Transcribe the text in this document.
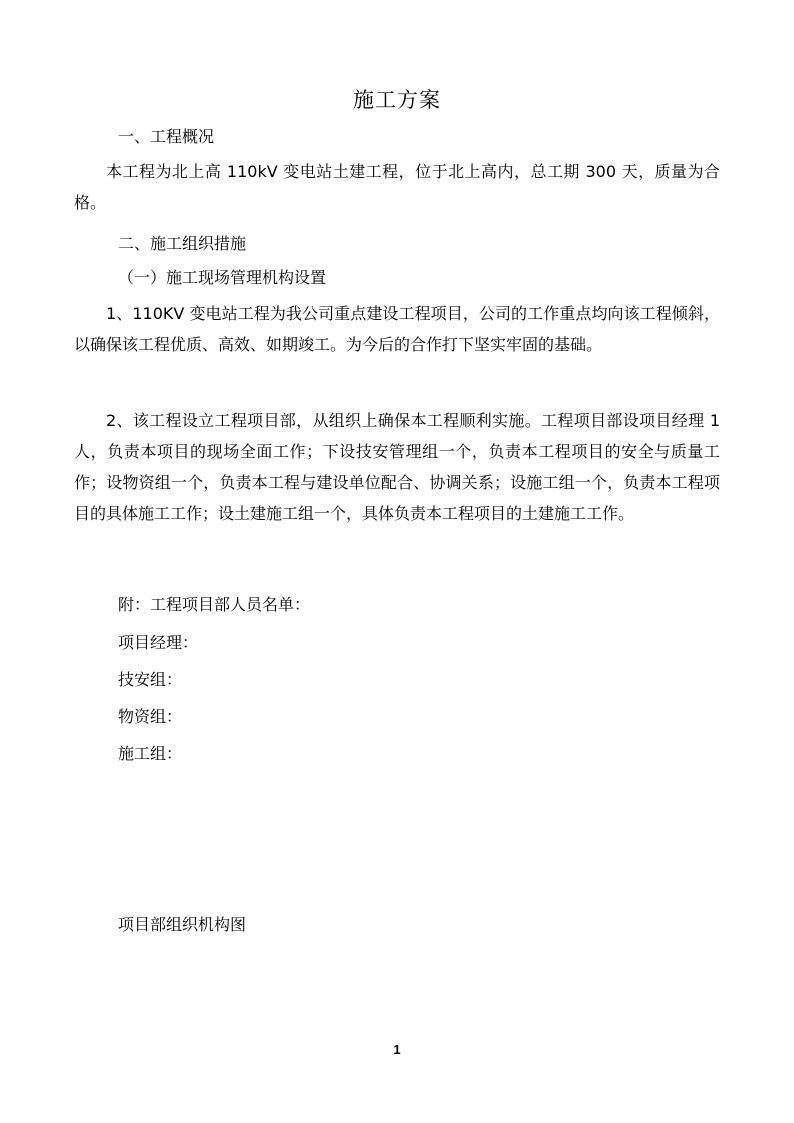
施工方案
一、工程概况

本工程为北上高 110kV 变电站土建工程，位于北上高内，总工期 300 天，质量为合格。

二、施工组织措施
（一）施工现场管理机构设置

1、110KV 变电站工程为我公司重点建设工程项目，公司的工作重点均向该工程倾斜，以确保该工程优质、高效、如期竣工。为今后的合作打下坚实牢固的基础。

2、该工程设立工程项目部，从组织上确保本工程顺利实施。工程项目部设项目经理 1 人，负责本项目的现场全面工作；下设技安管理组一个，负责本工程项目的安全与质量工作；设物资组一个，负责本工程与建设单位配合、协调关系；设施工组一个，负责本工程项目的具体施工工作；设土建施工组一个，具体负责本工程项目的土建施工工作。

附：工程项目部人员名单：
项目经理：
技安组：
物资组：
施工组：
项目部组织机构图
1
